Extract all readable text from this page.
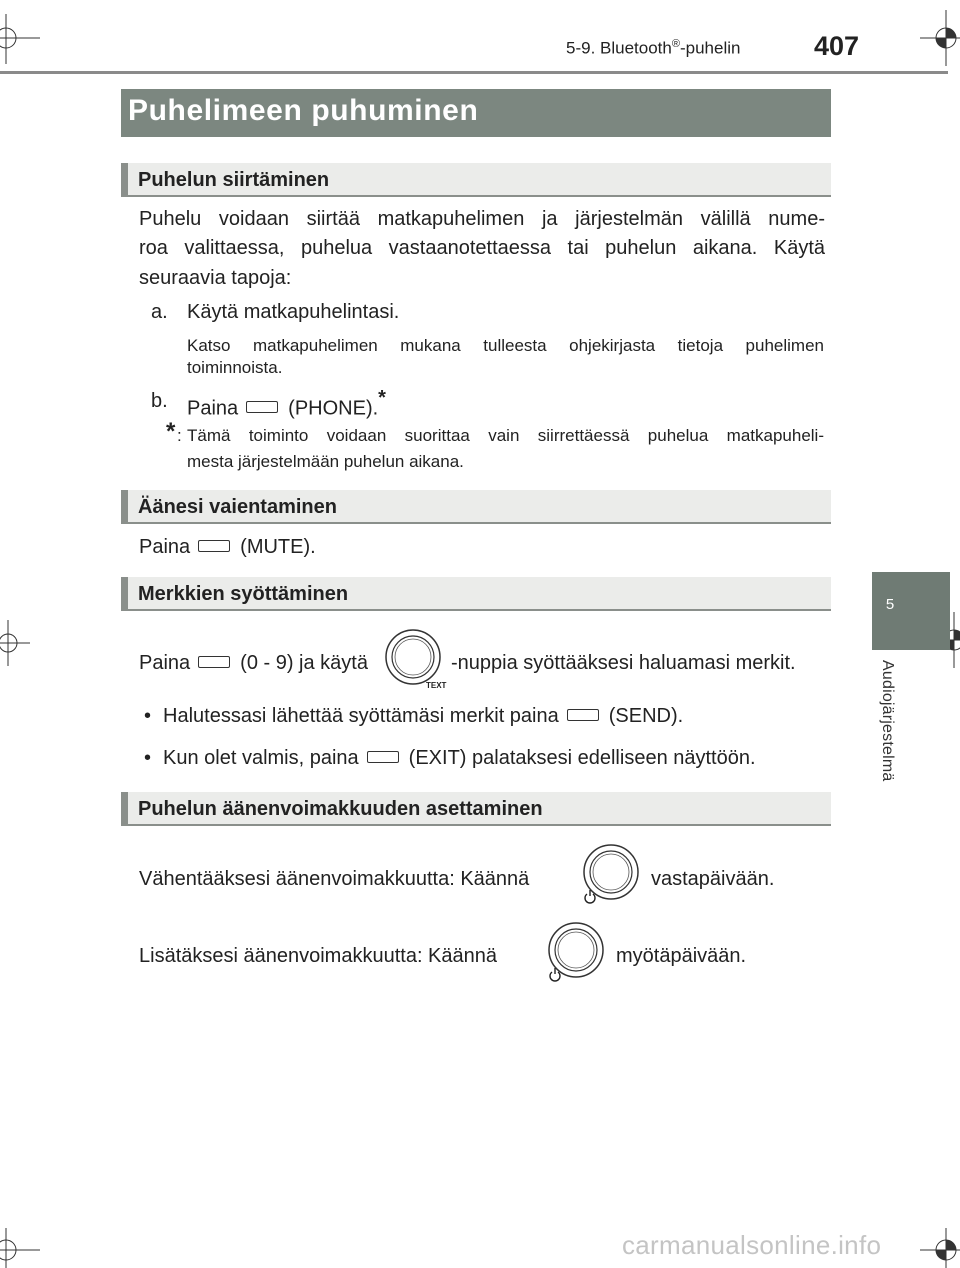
5-9. Bluetooth®-puhelin	407
5
Audiojärjestelmä
Puhelimeen puhuminen
Puhelun siirtäminen
Puhelu voidaan siirtää matkapuhelimen ja järjestelmän välillä nume-
roa valittaessa, puhelua vastaanotettaessa tai puhelun aikana. Käytä
seuraavia tapoja:
a. Käytä matkapuhelintasi.
Katso matkapuhelimen mukana tulleesta ohjekirjasta tietoja puhelimen
toiminnoista.
b. Paina	(PHONE).*
* : Tämä toiminto voidaan suorittaa vain siirrettäessä puhelua matkapuheli-
mesta järjestelmään puhelun aikana.
Äänesi vaientaminen
Paina	(MUTE).
Merkkien syöttäminen
Paina	(0 - 9) ja käytä
TEXT
-nuppia syöttääksesi haluamasi merkit.
• Halutessasi lähettää syöttämäsi merkit paina	(SEND).
• Kun olet valmis, paina	(EXIT) palataksesi edelliseen näyttöön.
Puhelun äänenvoimakkuuden asettaminen
Vähentääksesi äänenvoimakkuutta: Käännä	vastapäivään.
Lisätäksesi äänenvoimakkuutta: Käännä	myötäpäivään.
carmanualsonline.info
